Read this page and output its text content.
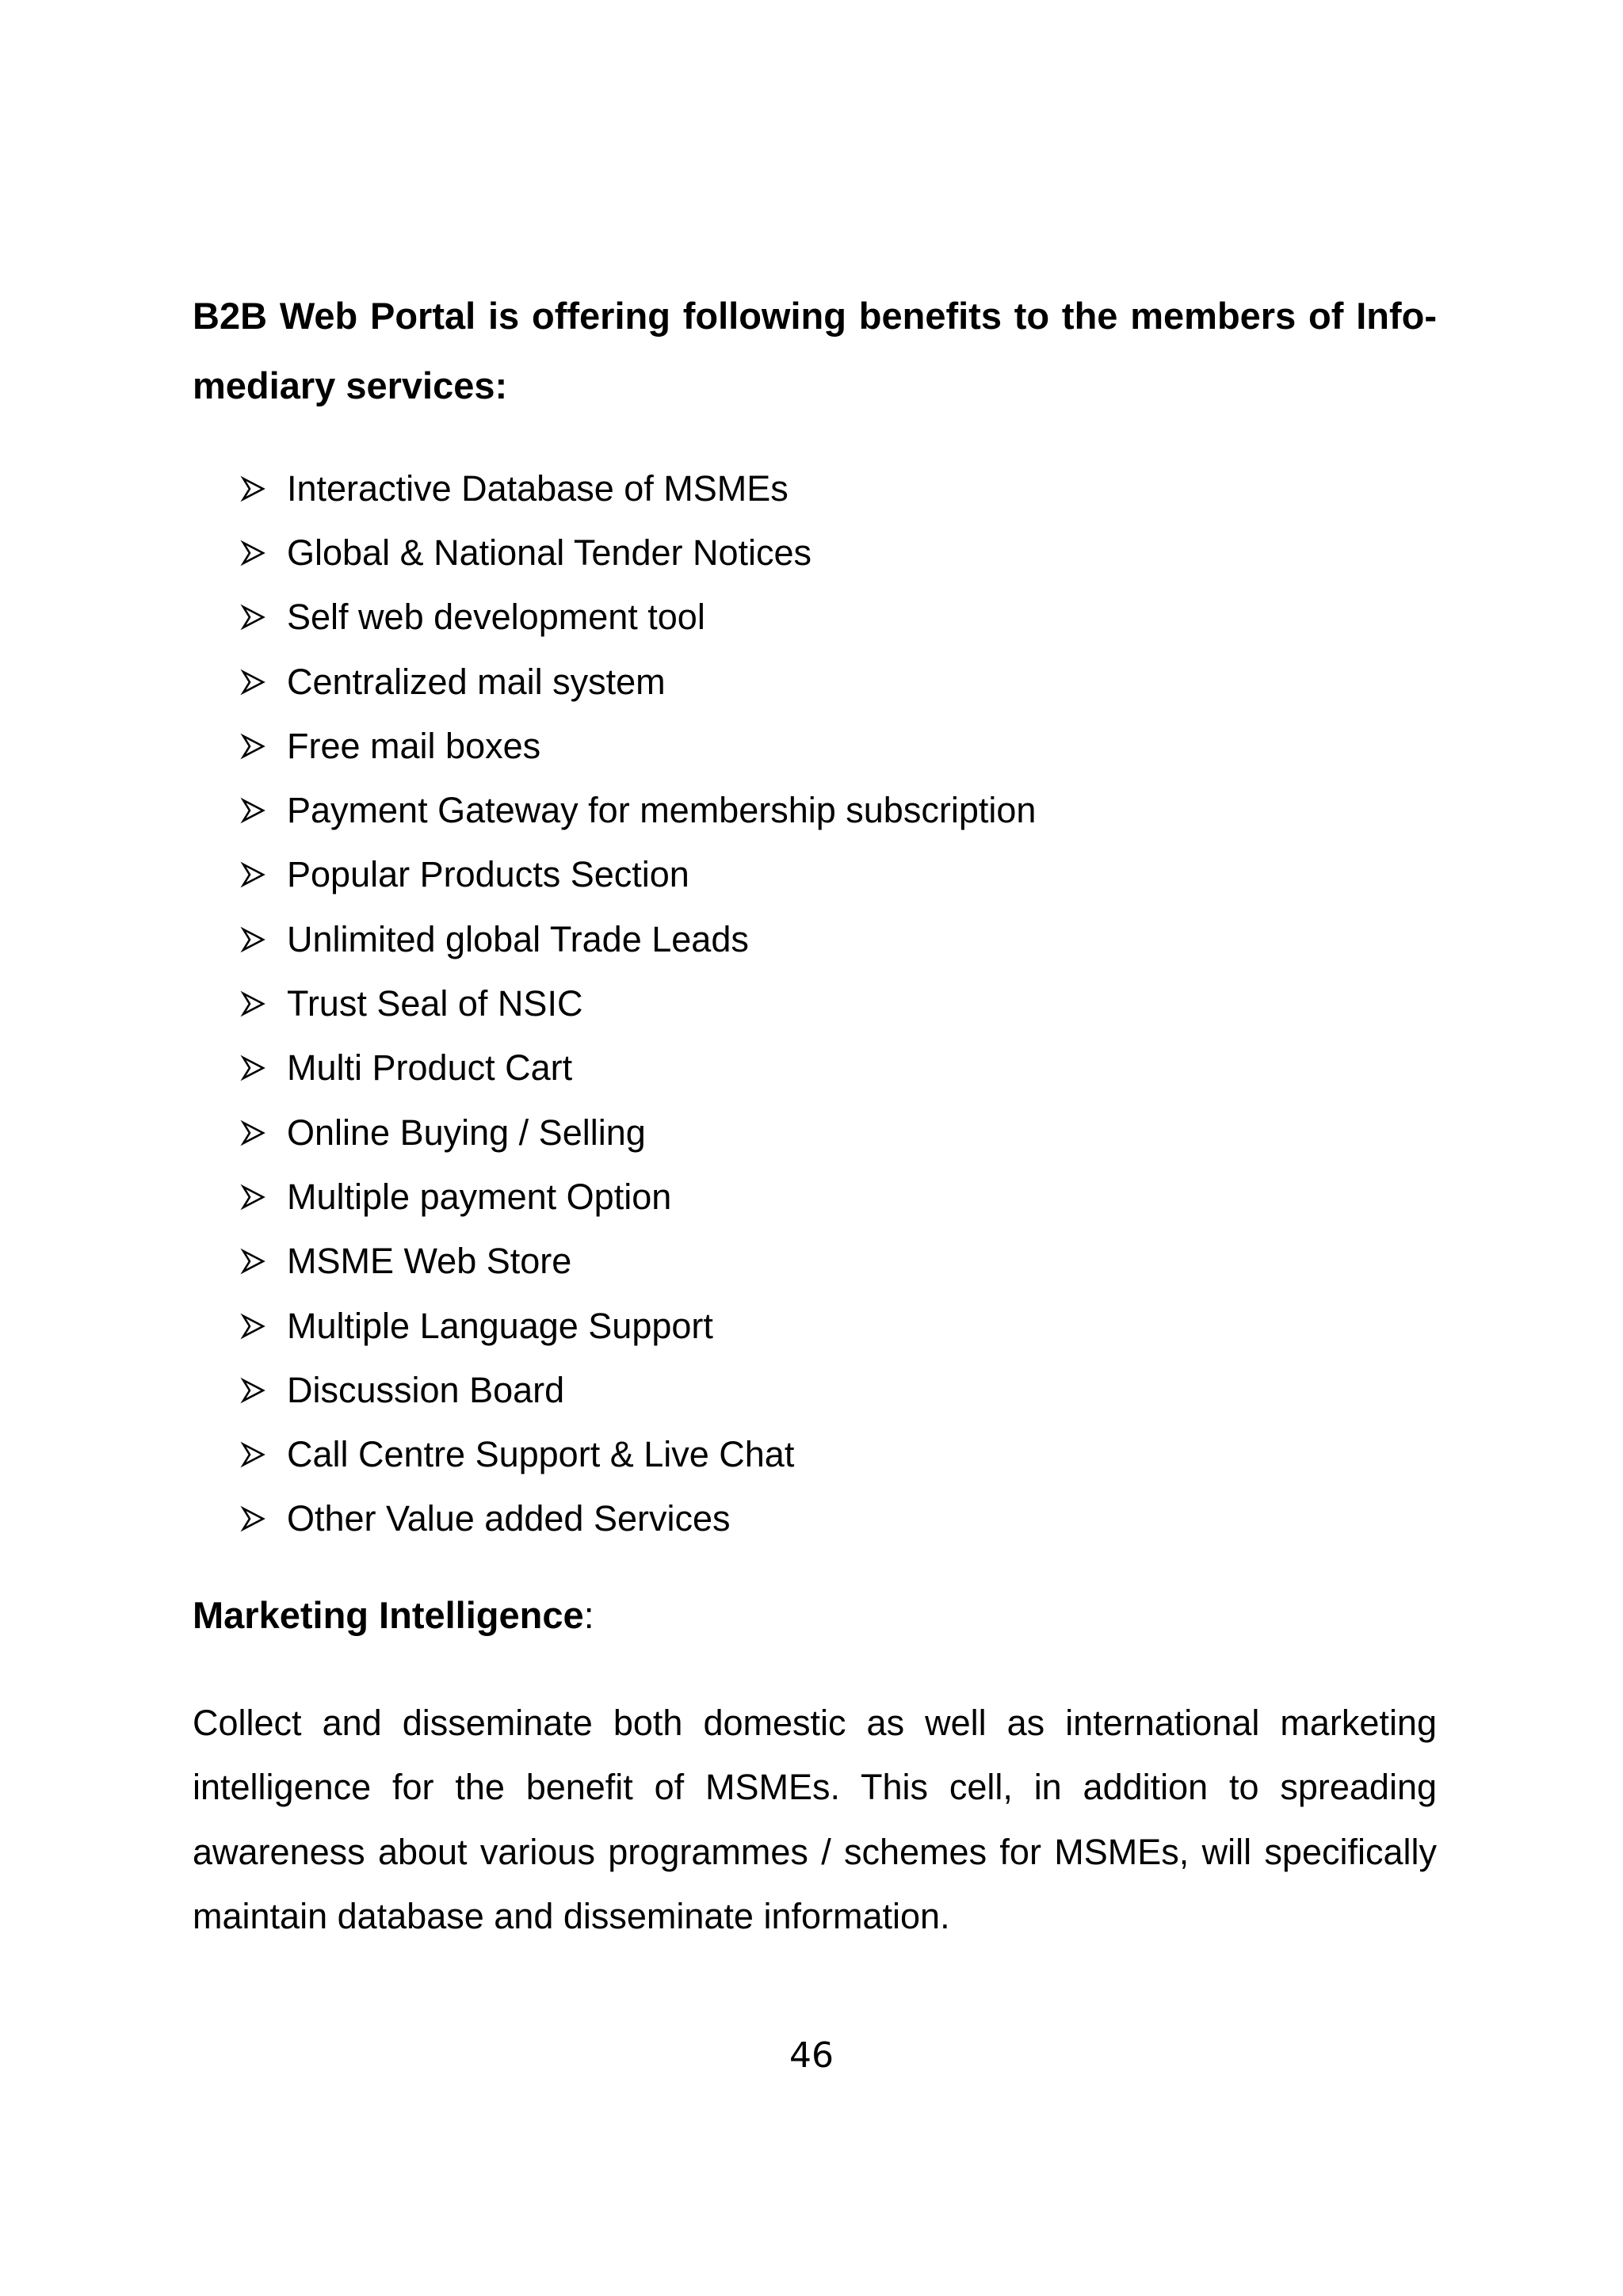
B2B Web Portal is offering following benefits to the members of Info-mediary services:

Interactive Database of MSMEs
Global & National Tender Notices
Self web development tool
Centralized mail system
Free mail boxes
Payment Gateway for membership subscription
Popular Products Section
Unlimited global Trade Leads
Trust Seal of NSIC
Multi Product Cart
Online Buying / Selling
Multiple payment Option
MSME Web Store
Multiple Language Support
Discussion Board
Call Centre Support & Live Chat
Other Value added Services
Marketing Intelligence:

Collect and disseminate both domestic as well as international marketing intelligence for the benefit of MSMEs. This cell, in addition to spreading awareness about various programmes / schemes for MSMEs, will specifically maintain database and disseminate information.

46
